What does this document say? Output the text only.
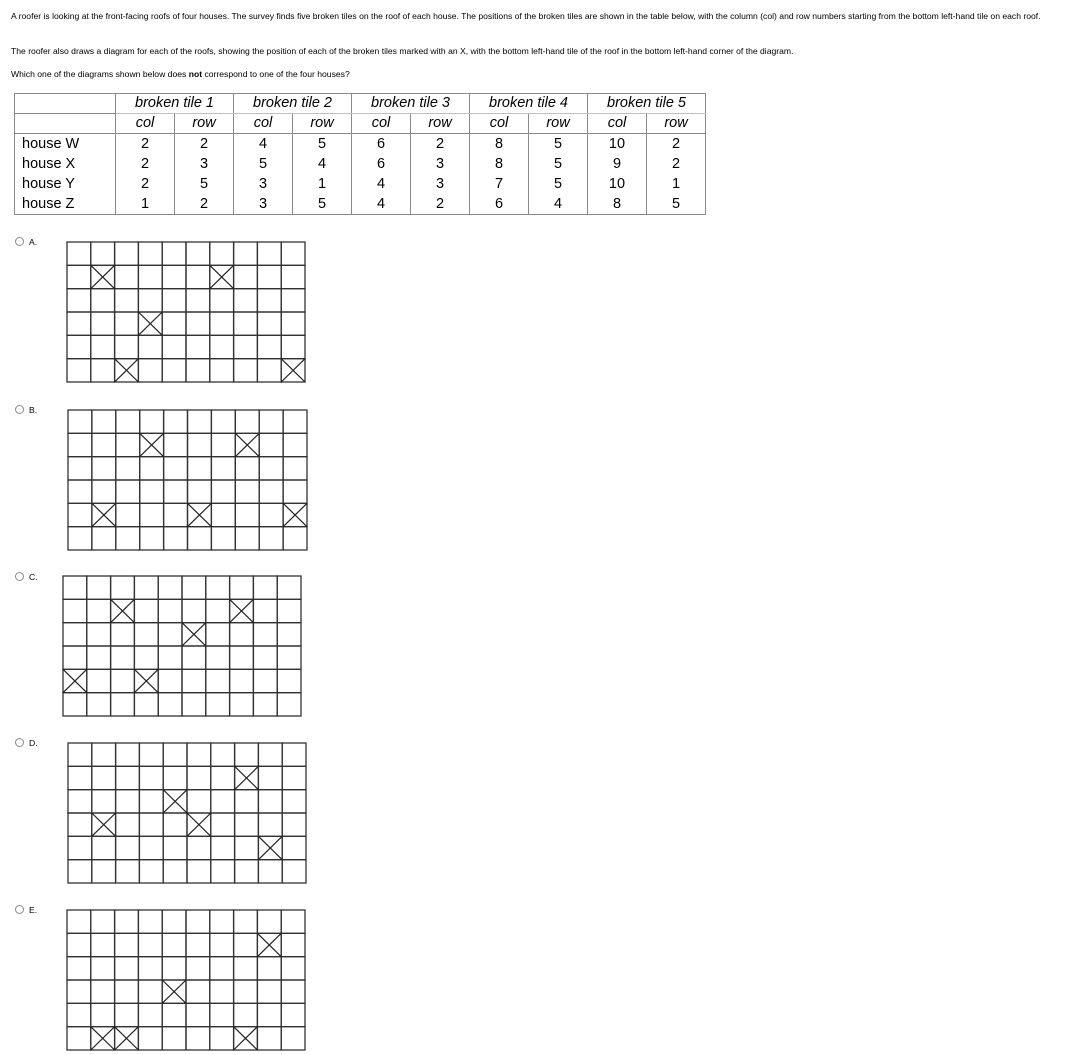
A roofer is looking at the front-facing roofs of four houses. The survey finds five broken tiles on the roof of each house. The positions of the broken tiles are shown in the table below, with the column (col) and row numbers starting from the bottom left-hand tile on each roof.

The roofer also draws a diagram for each of the roofs, showing the position of each of the broken tiles marked with an X, with the bottom left-hand tile of the roof in the bottom left-hand corner of the diagram.

Which one of the diagrams shown below does not correspond to one of the four houses?

	broken tile 1		broken tile 2		broken tile 3		broken tile 4		broken tile 5	
	col	row	col	row	col	row	col	row	col	row
house W	2	2	4	5	6	2	8	5	10	2
house X	2	3	5	4	6	3	8	5	9	2
house Y	2	5	3	1	4	3	7	5	10	1
house Z	1	2	3	5	4	2	6	4	8	5
A.
B.
C.
D.
E.
